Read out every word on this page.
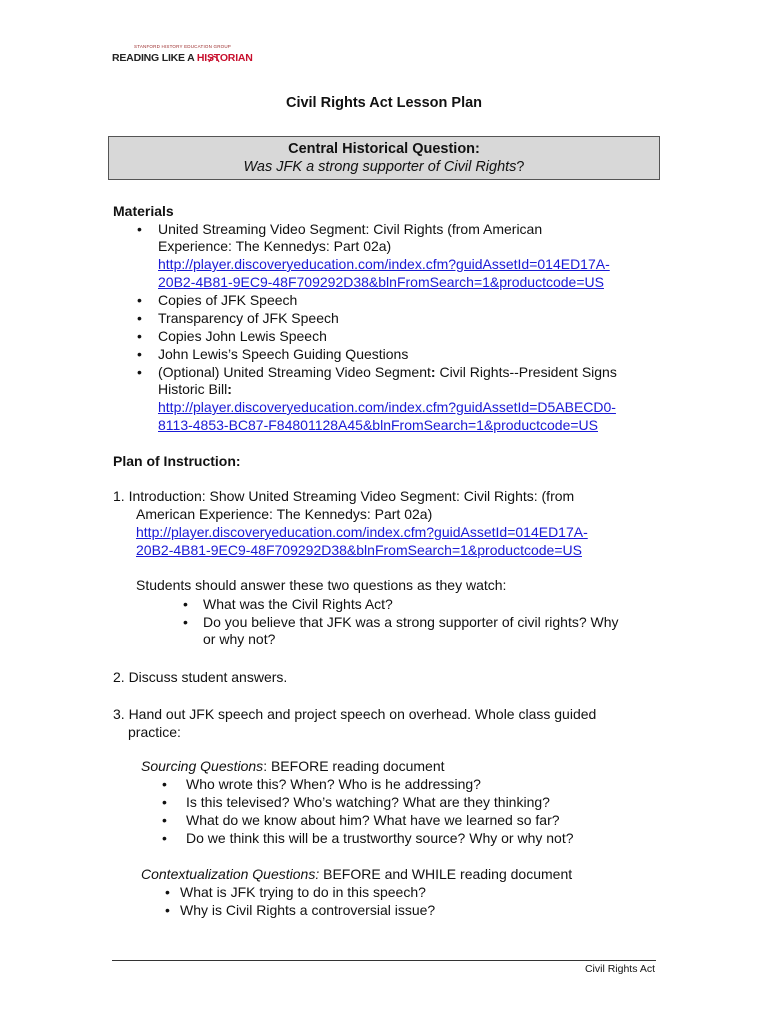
STANFORD HISTORY EDUCATION GROUP
READING LIKE A HISTORIAN
Civil Rights Act Lesson Plan
Central Historical Question:
Was JFK a strong supporter of Civil Rights?
Materials
• United Streaming Video Segment: Civil Rights (from American
Experience: The Kennedys: Part 02a)
http://player.discoveryeducation.com/index.cfm?guidAssetId=014ED17A-
20B2-4B81-9EC9-48F709292D38&blnFromSearch=1&productcode=US
• Copies of JFK Speech
• Transparency of JFK Speech
• Copies John Lewis Speech
• John Lewis’s Speech Guiding Questions
• (Optional) United Streaming Video Segment: Civil Rights--President Signs
Historic Bill:
http://player.discoveryeducation.com/index.cfm?guidAssetId=D5ABECD0-
8113-4853-BC87-F84801128A45&blnFromSearch=1&productcode=US
Plan of Instruction:
1. Introduction: Show United Streaming Video Segment: Civil Rights: (from
American Experience: The Kennedys: Part 02a)
http://player.discoveryeducation.com/index.cfm?guidAssetId=014ED17A-
20B2-4B81-9EC9-48F709292D38&blnFromSearch=1&productcode=US
Students should answer these two questions as they watch:
• What was the Civil Rights Act?
• Do you believe that JFK was a strong supporter of civil rights? Why
or why not?
2. Discuss student answers.
3. Hand out JFK speech and project speech on overhead. Whole class guided
practice:
Sourcing Questions: BEFORE reading document
• Who wrote this? When? Who is he addressing?
• Is this televised? Who’s watching? What are they thinking?
• What do we know about him? What have we learned so far?
• Do we think this will be a trustworthy source? Why or why not?
Contextualization Questions: BEFORE and WHILE reading document
• What is JFK trying to do in this speech?
• Why is Civil Rights a controversial issue?
Civil Rights Act
